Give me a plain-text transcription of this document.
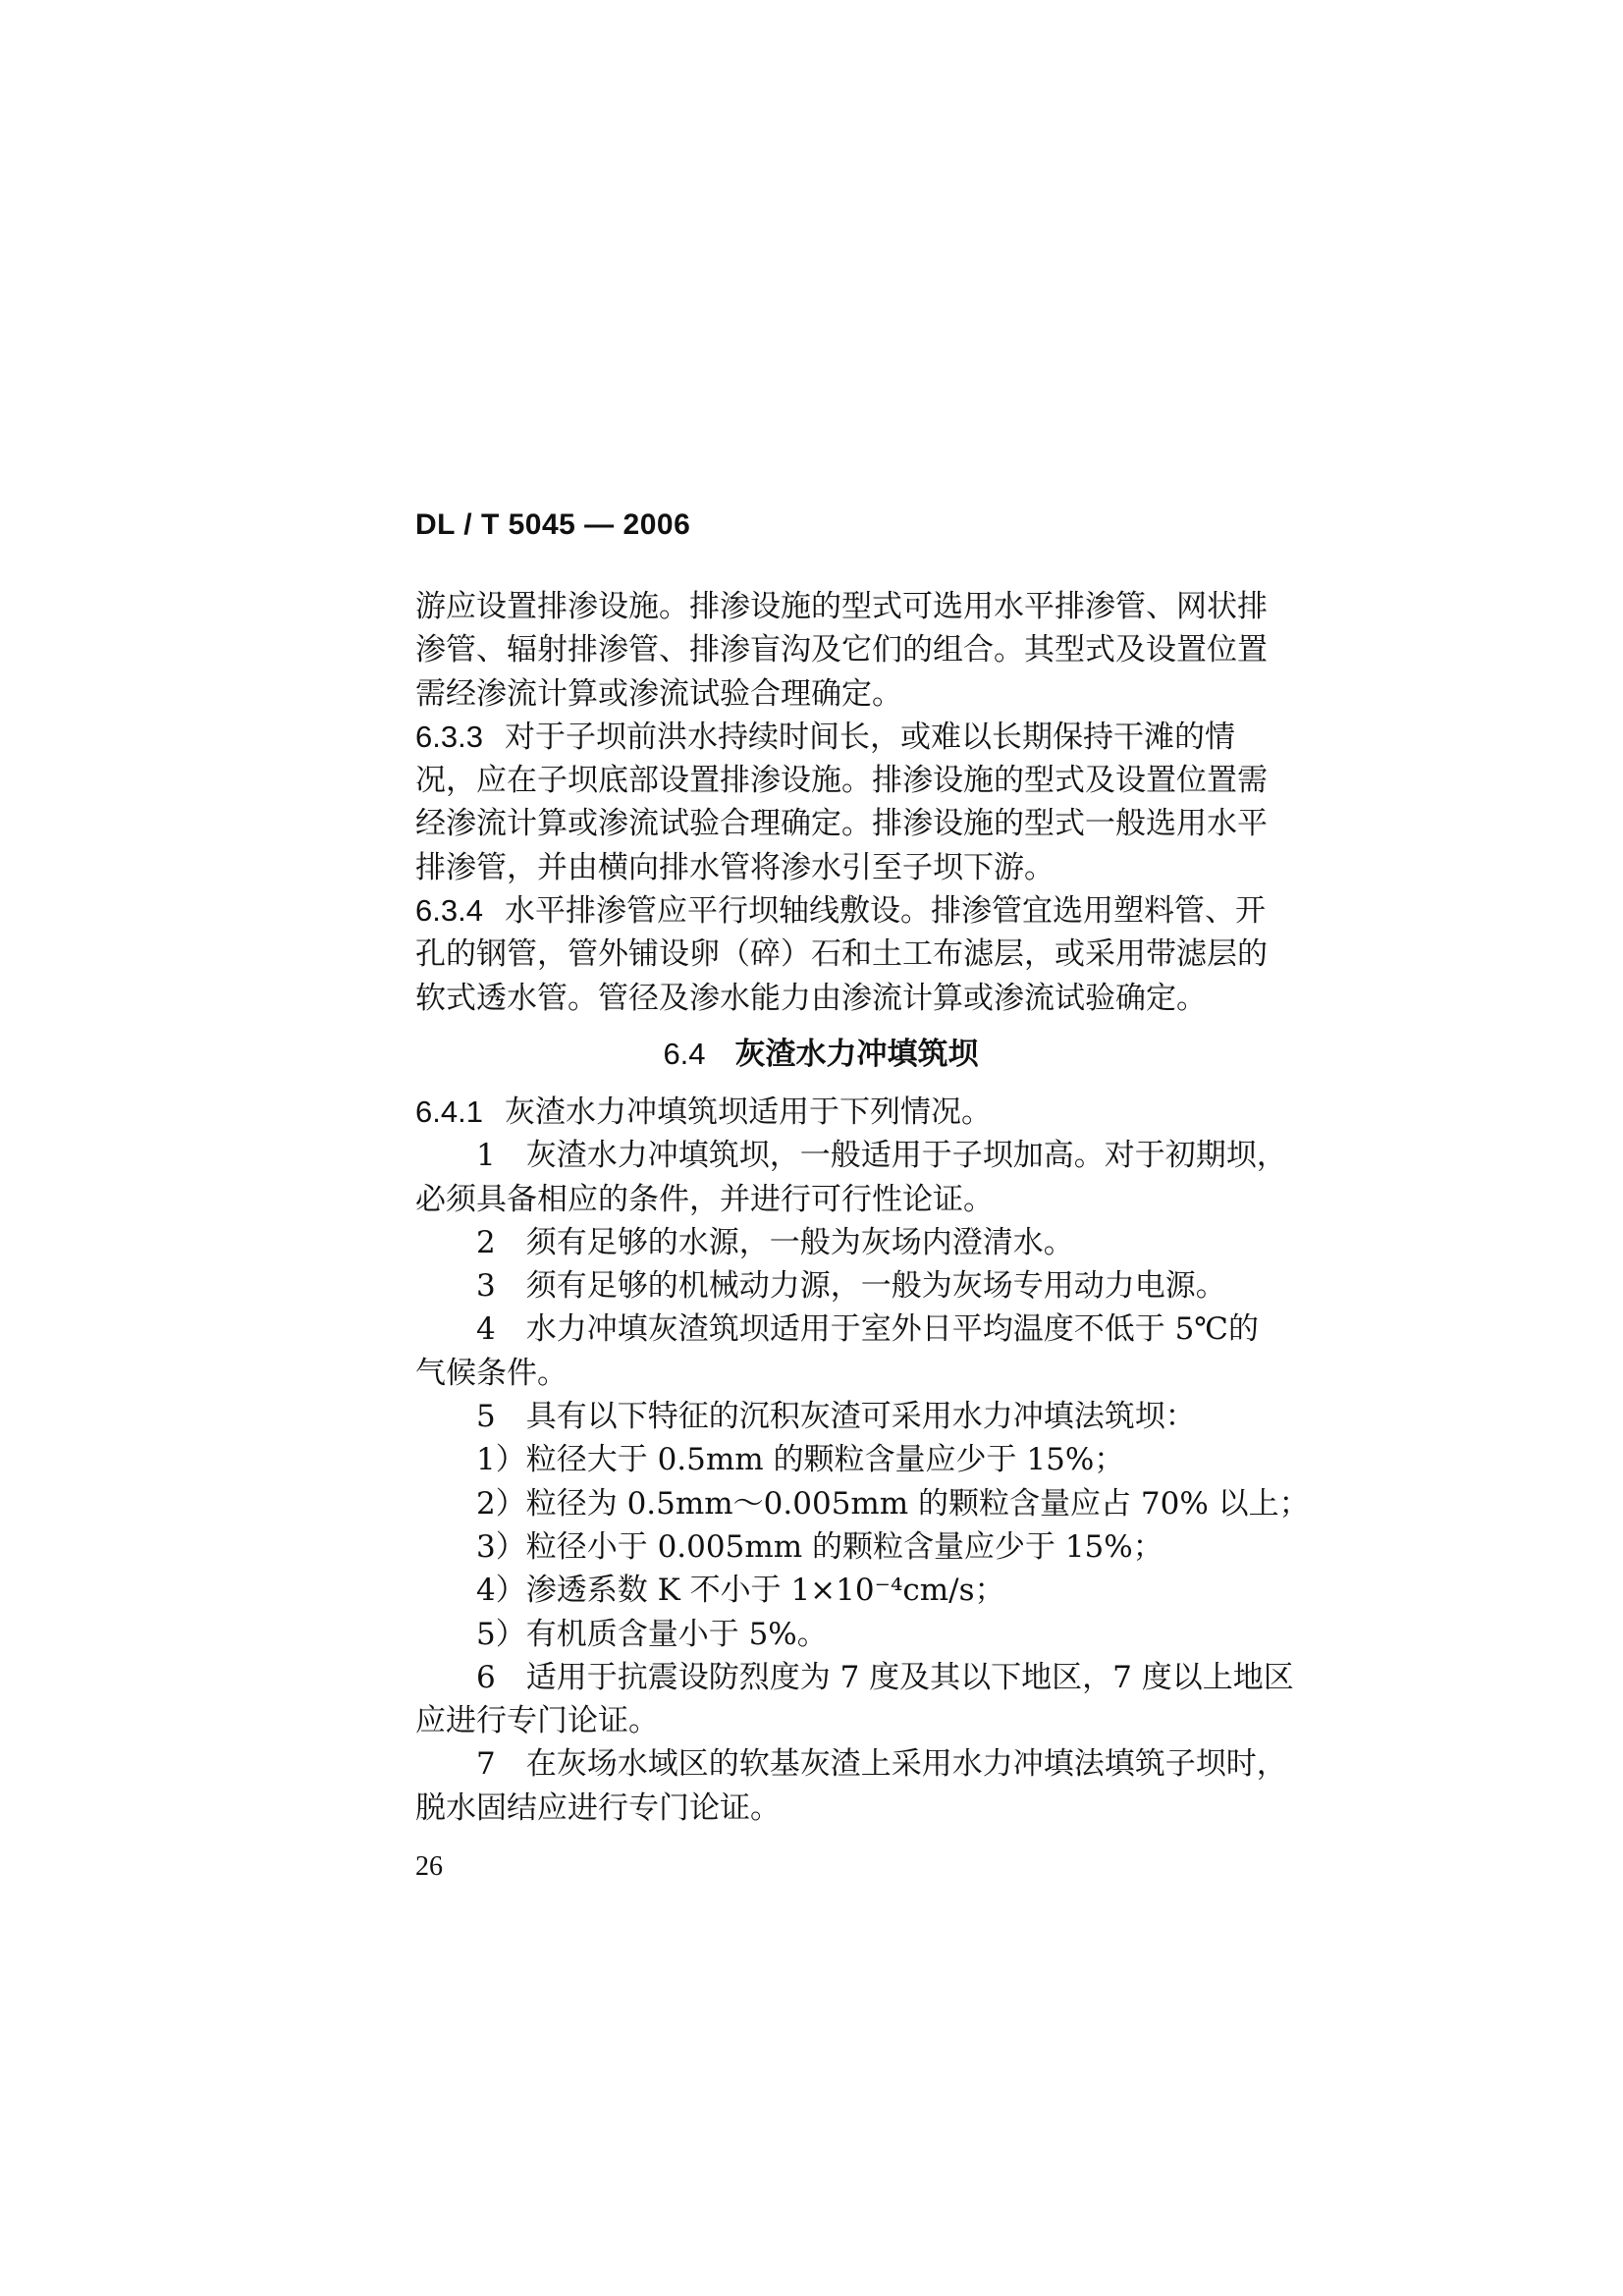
DL / T 5045 — 2006
游应设置排渗设施。排渗设施的型式可选用水平排渗管、网状排
渗管、辐射排渗管、排渗盲沟及它们的组合。其型式及设置位置
需经渗流计算或渗流试验合理确定。
6.3.3 对于子坝前洪水持续时间长，或难以长期保持干滩的情
况，应在子坝底部设置排渗设施。排渗设施的型式及设置位置需
经渗流计算或渗流试验合理确定。排渗设施的型式一般选用水平
排渗管，并由横向排水管将渗水引至子坝下游。
6.3.4 水平排渗管应平行坝轴线敷设。排渗管宜选用塑料管、开
孔的钢管，管外铺设卵（碎）石和土工布滤层，或采用带滤层的
软式透水管。管径及渗水能力由渗流计算或渗流试验确定。
6.4 灰渣水力冲填筑坝
6.4.1 灰渣水力冲填筑坝适用于下列情况。
1　灰渣水力冲填筑坝，一般适用于子坝加高。对于初期坝，
必须具备相应的条件，并进行可行性论证。
2　须有足够的水源，一般为灰场内澄清水。
3　须有足够的机械动力源，一般为灰场专用动力电源。
4　水力冲填灰渣筑坝适用于室外日平均温度不低于 5℃的
气候条件。
5　具有以下特征的沉积灰渣可采用水力冲填法筑坝：
1）粒径大于 0.5mm 的颗粒含量应少于 15%；
2）粒径为 0.5mm～0.005mm 的颗粒含量应占 70% 以上；
3）粒径小于 0.005mm 的颗粒含量应少于 15%；
4）渗透系数 K 不小于 1×10⁻⁴cm/s；
5）有机质含量小于 5%。
6　适用于抗震设防烈度为 7 度及其以下地区，7 度以上地区
应进行专门论证。
7　在灰场水域区的软基灰渣上采用水力冲填法填筑子坝时，
脱水固结应进行专门论证。
26
